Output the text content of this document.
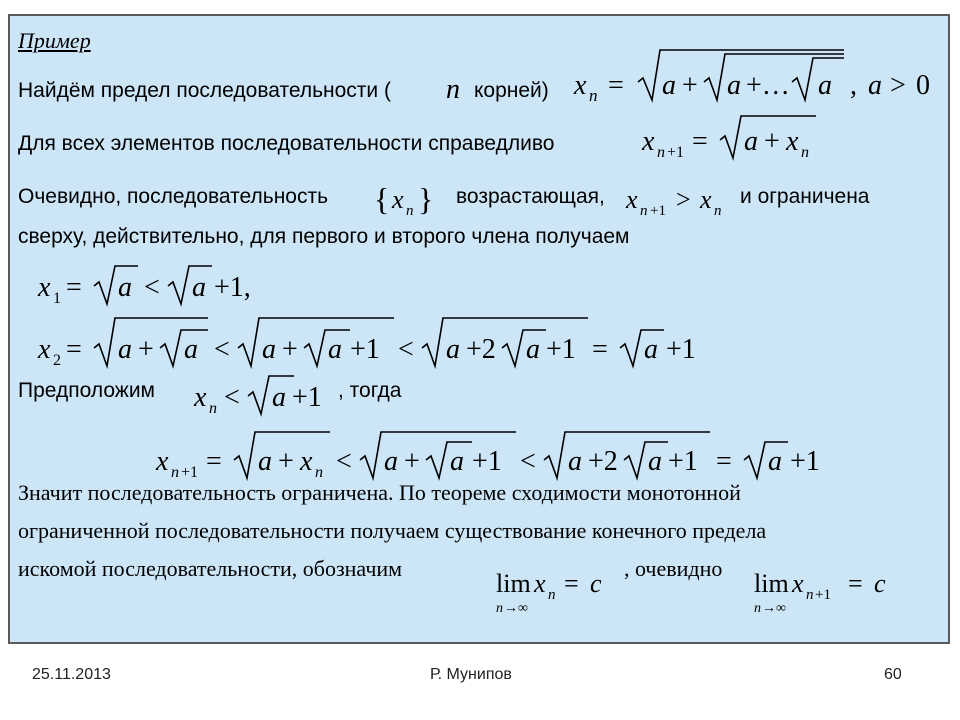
Пример
Найдём предел последовательности ( n корней) x n = a + a +… a , a > 0
Для всех элементов последовательности справедливо	x n +1 = a + x n
Очевидно, последовательность { x n } возрастающая, x n +1 > x n
и ограничена
сверху, действительно, для первого и второго члена получаем
x 1 = a < a +1,
x 2 = a + a < a + a +1 < a +2 a +1 = a +1
Предположим x n < a +1 , тогда
x n +1 = a + x n < a + a +1 < a +2 a +1 = a +1
Значит последовательность ограничена. По теореме сходимости монотонной
ограниченной последовательности получаем существование конечного предела
искомой последовательности, обозначим
lim x n = c
n →∞
, очевидно
lim x n +1 = c
n →∞
25.11.2013	Р. Мунипов	60
